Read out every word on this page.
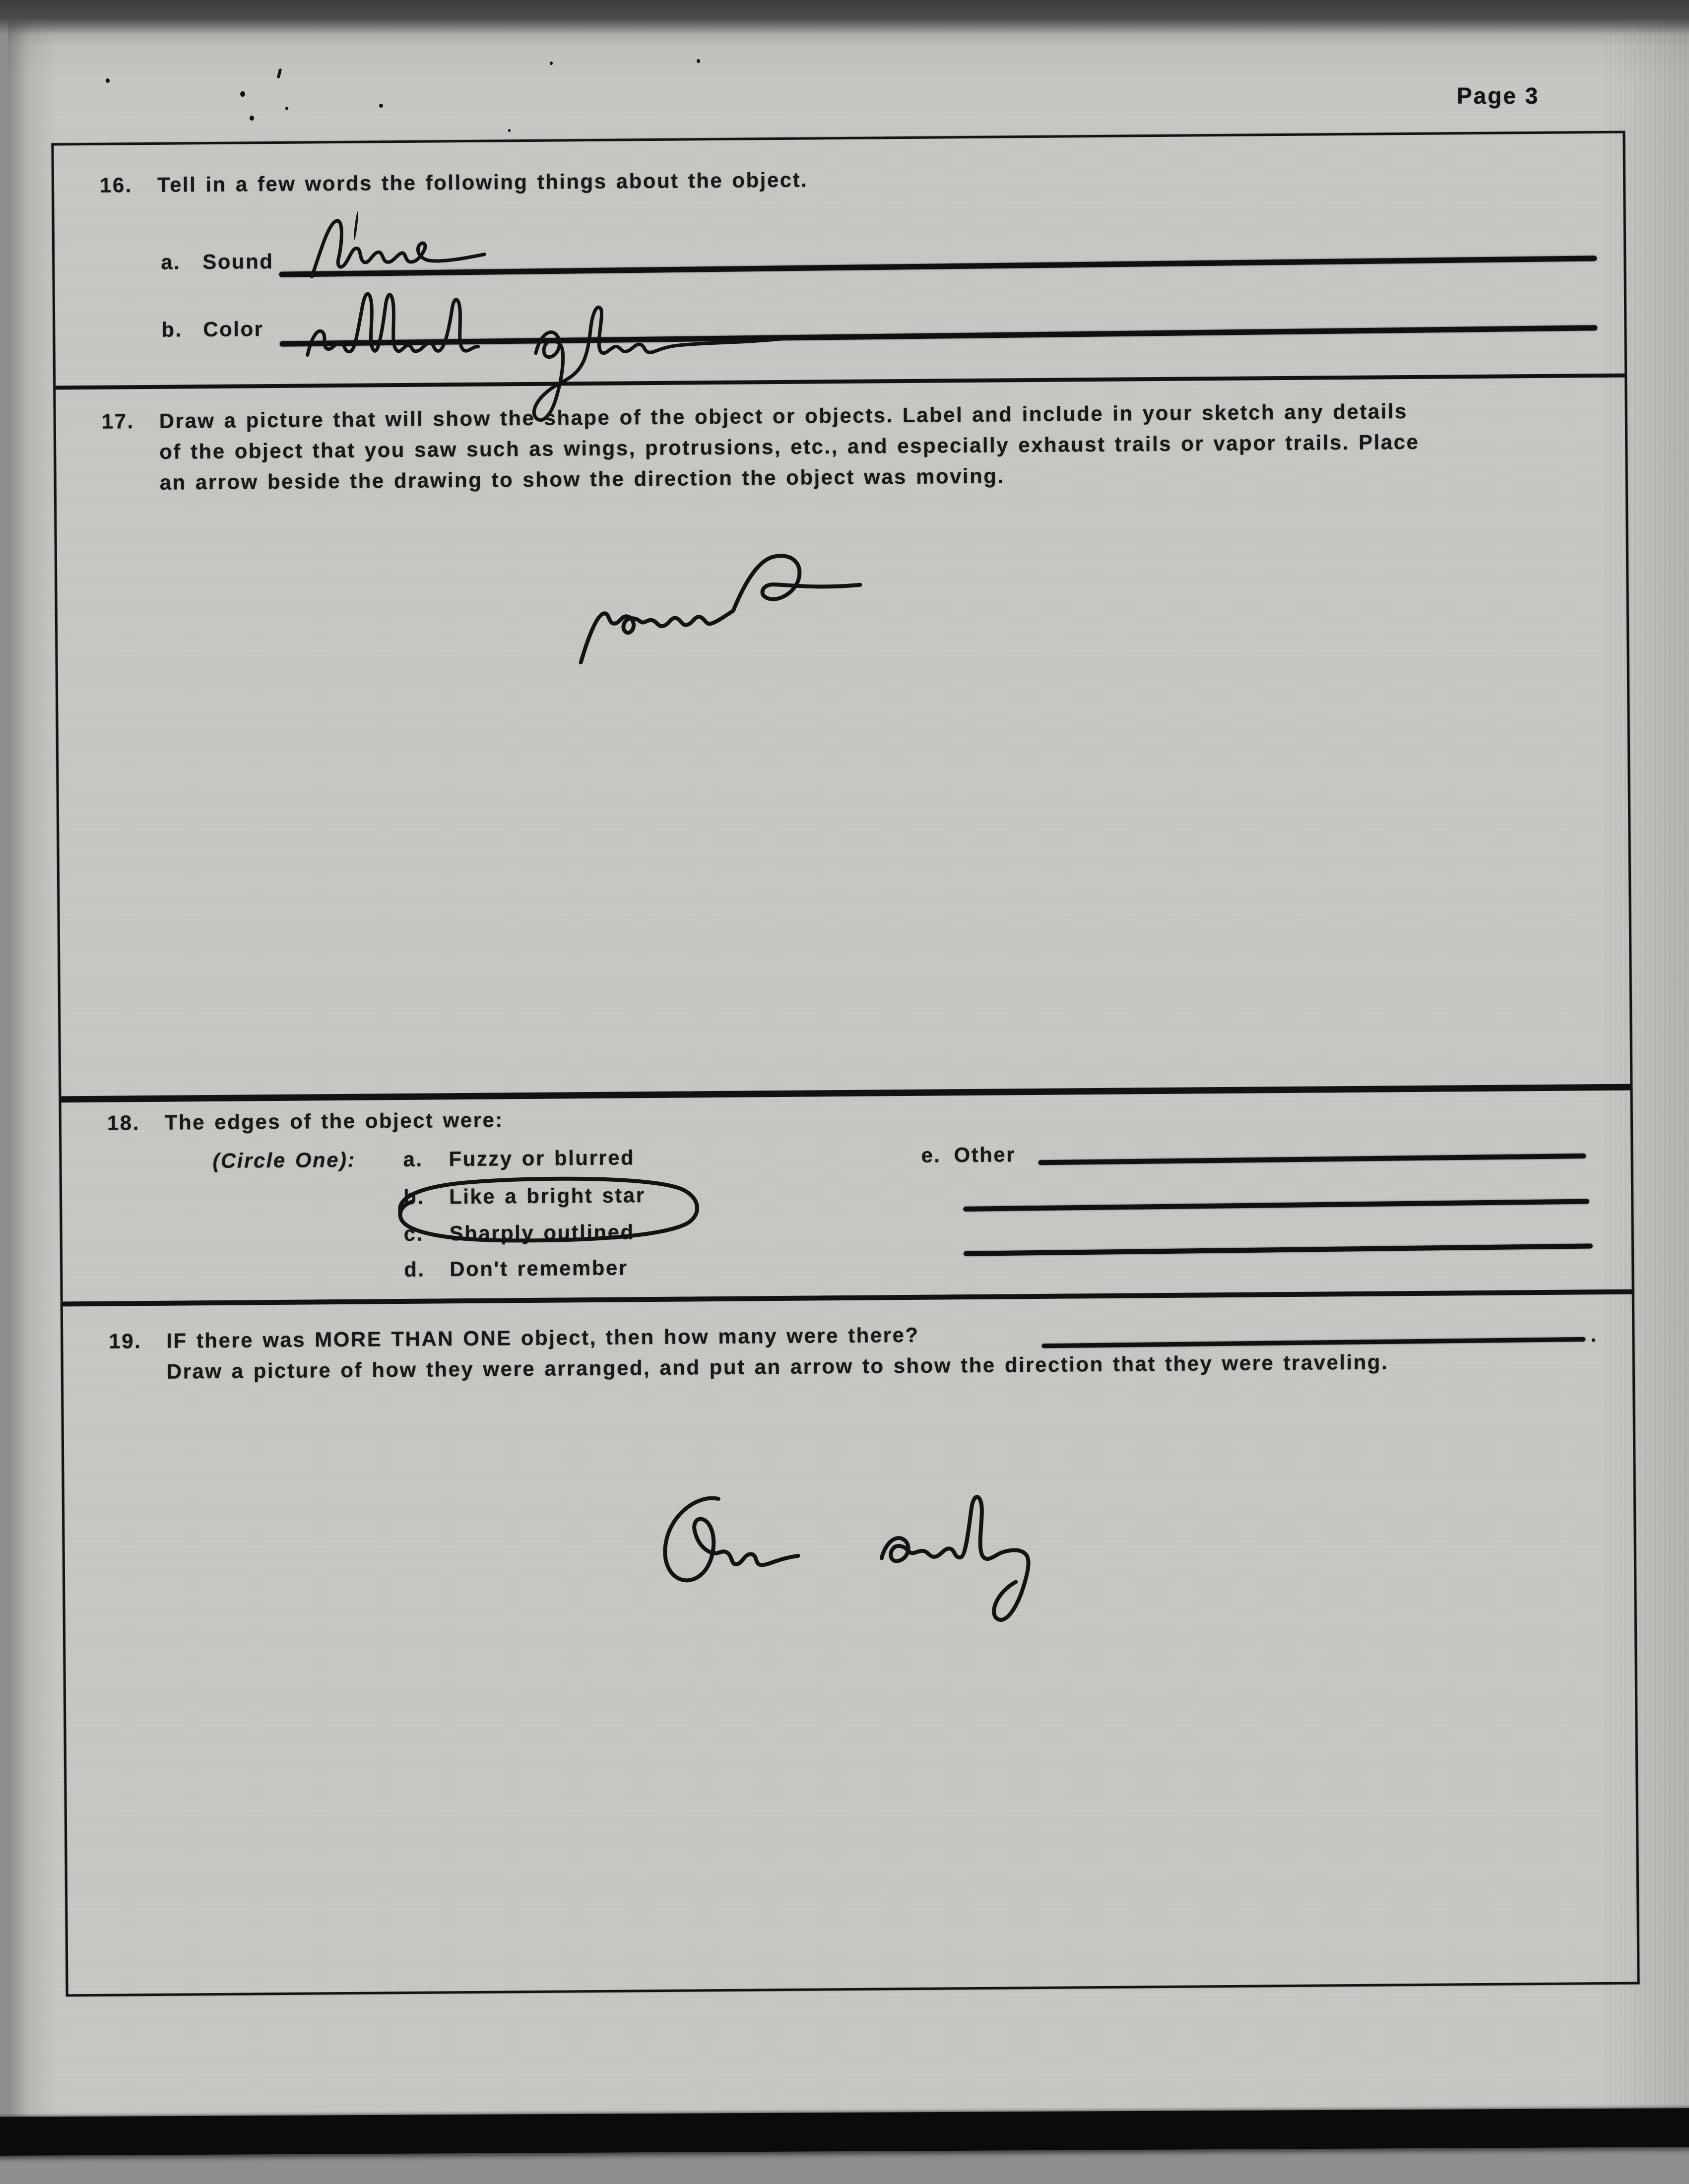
Page 3
16. Tell in a few words the following things about the object.
a. Sound
b. Color
17. Draw a picture that will show the shape of the object or objects. Label and include in your sketch any details
of the object that you saw such as wings, protrusions, etc., and especially exhaust trails or vapor trails. Place
an arrow beside the drawing to show the direction the object was moving.
18. The edges of the object were:
(Circle One): a. Fuzzy or blurred
b. Like a bright star
c. Sharply outlined
d. Don't remember
e. Other
19. IF there was MORE THAN ONE object, then how many were there?	.
Draw a picture of how they were arranged, and put an arrow to show the direction that they were traveling.
